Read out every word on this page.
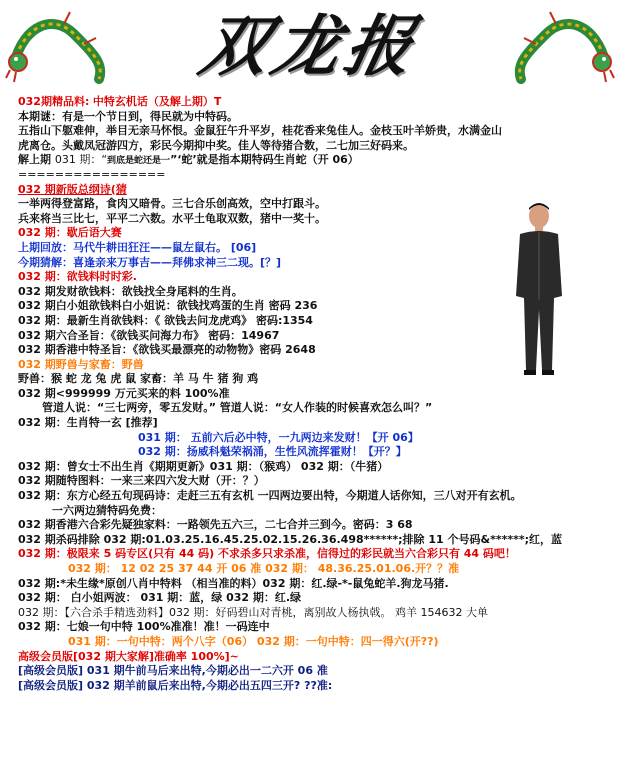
双龙报
032期精品料: 中特玄机话（及解上期）T
本期谜：有是一个节日到，得民就为中特码。
五指山下躯难伸，举目无亲马怀恨。金鼠狂午升平岁，桂花香来兔佳人。金枝玉叶羊娇贵，水满金山
虎离仓。头戴凤冠游四方，彩民今期抑中奖。佳人等待猪合数，二七加三好码来。
解上期 031 期：“到底是蛇还是一”‘蛇’就是指本期特码生肖蛇（开 06）
================
032 期新版总纲诗(猜
一举两得登富路，食肉又暗骨。三七合乐创高效，空中打跟斗。
兵来将当三比七，平平二六数。水平土龟取双数，猪中一奖十。
032 期：歇后语大赛
上期回放：马代牛耕田狂汪——鼠左鼠右。 [06]
今期猜解：喜逢亲来万事吉——拜佛求神三二现。[？]
032 期：欲钱料时时彩.
032 期发财欲钱料：欲钱找全身尾料的生肖。
032 期白小姐欲钱料白小姐说：欲钱找鸡蛋的生肖 密码 236
032 期：最新生肖欲钱料：《 欲钱去问龙虎鸡》 密码:1354
032 期六合圣旨：《欲钱买问海力布》 密码：14967
032 期香港中特圣旨：《欲钱买最漂亮的动物物》密码 2648
032 期野兽与家畜：野兽
野兽：猴 蛇 龙 兔 虎 鼠 家畜：羊 马 牛 猪 狗 鸡
032 期<999999 万元买来的料 100%准
管道人说：“三七两旁，零五发财。” 管道人说：“女人作装的时候喜欢怎么叫？”
032 期：生肖特一玄 [推荐]
031 期： 五前六后必中特，一九两边来发财！【开 06】
032 期：扬威科魁荣祸涌，生性风流挥霍财！【开？】
032 期：曾女士不出生肖《期期更新》031 期：（猴鸡） 032 期：（牛猪）
032 期随特图料：一来三来四六发大财（开：？）
032 期：东方心经五句现码诗：走赶三五有玄机 一四两边要出特，今期道人话你知，三八对开有玄机。
一六两边猜特码免费：
032 期香港六合彩先疑独家料：一路领先五六三，二七合并三到今。密码：3 68
032 期杀码排除 032 期:01.03.25.16.45.25.02.15.26.36.498******;排除 11 个号码&******;红，蓝
032 期：极限来 5 码专区(只有 44 码) 不求杀多只求杀准，信得过的彩民就当六合彩只有 44 码吧！
032 期： 12 02 25 37 44 开 06 准 032 期： 48.36.25.01.06.开？？准
032 期:*未生缘*原创八肖中特料 （相当准的料）032 期：红.绿-*-鼠兔蛇羊.狗龙马猪.
032 期： 白小姐两波： 031 期：蓝，绿 032 期：红.绿
032 期：【六合杀手精选劲料】032 期：好码碧山对青桃，离别故人杨执戟。 鸡羊 154632 大单
032 期：七娘一句中特 100%准准！准！一码连中
031 期：一句中特：两个八字（06） 032 期：一句中特：四一得六(开??)
高级会员版[032 期大家解]准确率 100%]~
[高级会员版] 031 期牛前马后来出特,今期必出一二六开 06 准
[高级会员版] 032 期羊前鼠后来出特,今期必出五四三开? ??准:
